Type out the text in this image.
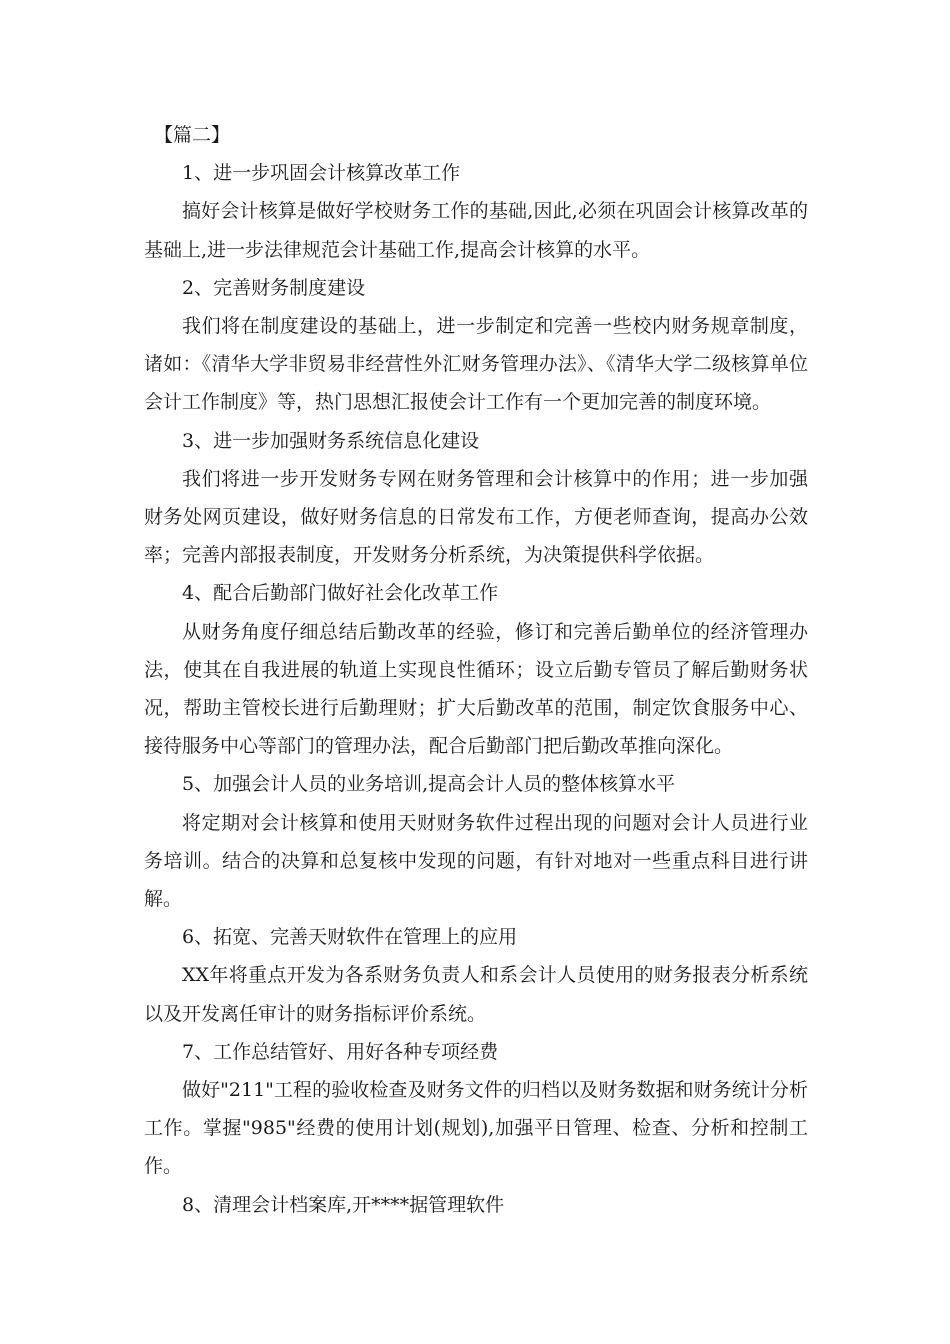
【篇二】

1、进一步巩固会计核算改革工作

搞好会计核算是做好学校财务工作的基础,因此,必须在巩固会计核算改革的基础上,进一步法律规范会计基础工作,提高会计核算的水平。

2、完善财务制度建设

我们将在制度建设的基础上，进一步制定和完善一些校内财务规章制度，诸如：《清华大学非贸易非经营性外汇财务管理办法》、《清华大学二级核算单位会计工作制度》等，热门思想汇报使会计工作有一个更加完善的制度环境。

3、进一步加强财务系统信息化建设

我们将进一步开发财务专网在财务管理和会计核算中的作用；进一步加强财务处网页建设，做好财务信息的日常发布工作，方便老师查询，提高办公效率；完善内部报表制度，开发财务分析系统，为决策提供科学依据。

4、配合后勤部门做好社会化改革工作

从财务角度仔细总结后勤改革的经验，修订和完善后勤单位的经济管理办法，使其在自我进展的轨道上实现良性循环；设立后勤专管员了解后勤财务状况，帮助主管校长进行后勤理财；扩大后勤改革的范围，制定饮食服务中心、接待服务中心等部门的管理办法，配合后勤部门把后勤改革推向深化。

5、加强会计人员的业务培训,提高会计人员的整体核算水平

将定期对会计核算和使用天财财务软件过程出现的问题对会计人员进行业务培训。结合的决算和总复核中发现的问题，有针对地对一些重点科目进行讲解。

6、拓宽、完善天财软件在管理上的应用

XX年将重点开发为各系财务负责人和系会计人员使用的财务报表分析系统以及开发离任审计的财务指标评价系统。

7、工作总结管好、用好各种专项经费

做好"211"工程的验收检查及财务文件的归档以及财务数据和财务统计分析工作。掌握"985"经费的使用计划(规划),加强平日管理、检查、分析和控制工作。

8、清理会计档案库,开****据管理软件
